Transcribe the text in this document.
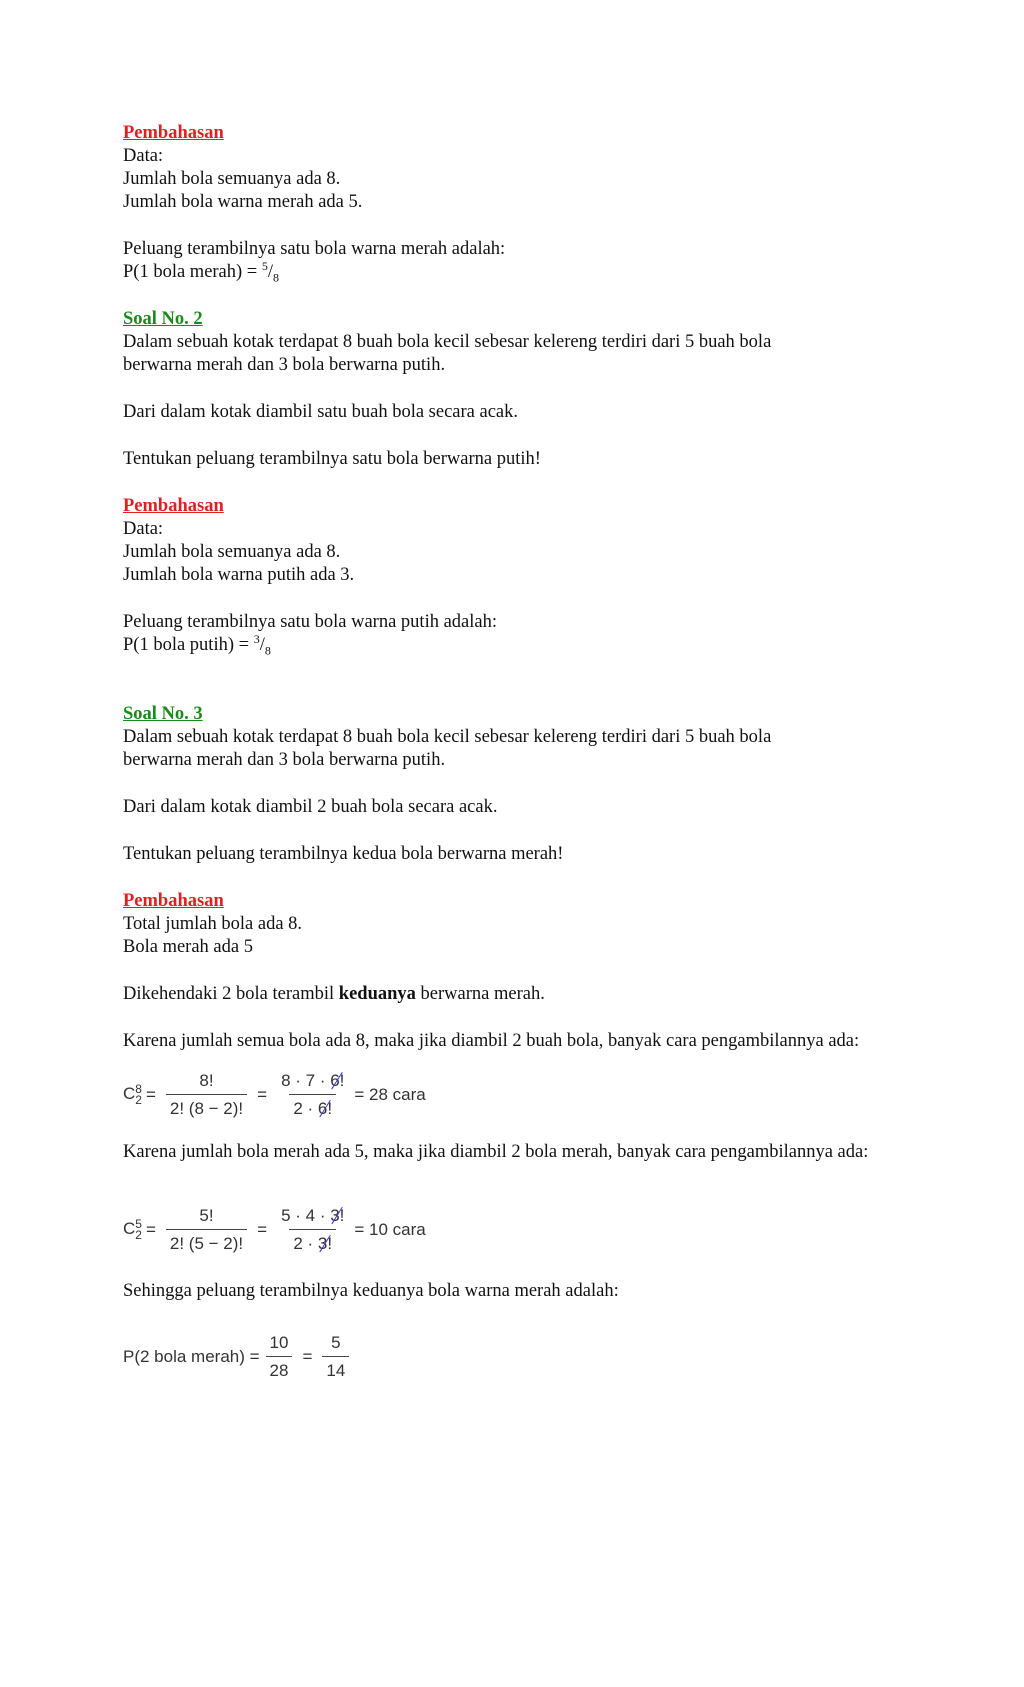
Pembahasan

Data:

Jumlah bola semuanya ada 8.

Jumlah bola warna merah ada 5.

Peluang terambilnya satu bola warna merah adalah:

P(1 bola merah) = $^5/_8$

Soal No. 2

Dalam sebuah kotak terdapat 8 buah bola kecil sebesar kelereng terdiri dari 5 buah bola

berwarna merah dan 3 bola berwarna putih.

Dari dalam kotak diambil satu buah bola secara acak.

Tentukan peluang terambilnya satu bola berwarna putih!

Pembahasan

Data:

Jumlah bola semuanya ada 8.

Jumlah bola warna putih ada 3.

Peluang terambilnya satu bola warna putih adalah:

P(1 bola putih) = $^3/_8$

Soal No. 3

Dalam sebuah kotak terdapat 8 buah bola kecil sebesar kelereng terdiri dari 5 buah bola

berwarna merah dan 3 bola berwarna putih.

Dari dalam kotak diambil 2 buah bola secara acak.

Tentukan peluang terambilnya kedua bola berwarna merah!

Pembahasan

Total jumlah bola ada 8.

Bola merah ada 5

Dikehendaki 2 bola terambil keduanya berwarna merah.

Karena jumlah semua bola ada 8, maka jika diambil 2 buah bola, banyak cara pengambilannya ada:

C 8
$2 = \frac{8!}{2! (8 - 2)!} = \frac{8 \cdot 7 \cdot 6!}{2 \cdot 6!} = 28$ cara

Karena jumlah bola merah ada 5, maka jika diambil 2 bola merah, banyak cara pengambilannya ada:

C 5
$2 = \frac{5!}{2! (5 - 2)!} = \frac{5 \cdot 4 \cdot 3!}{2 \cdot 3!} = 10$ cara

Sehingga peluang terambilnya keduanya bola warna merah adalah:

P(2 bola merah) = $\frac{10}{28} = \frac{5}{14}$
